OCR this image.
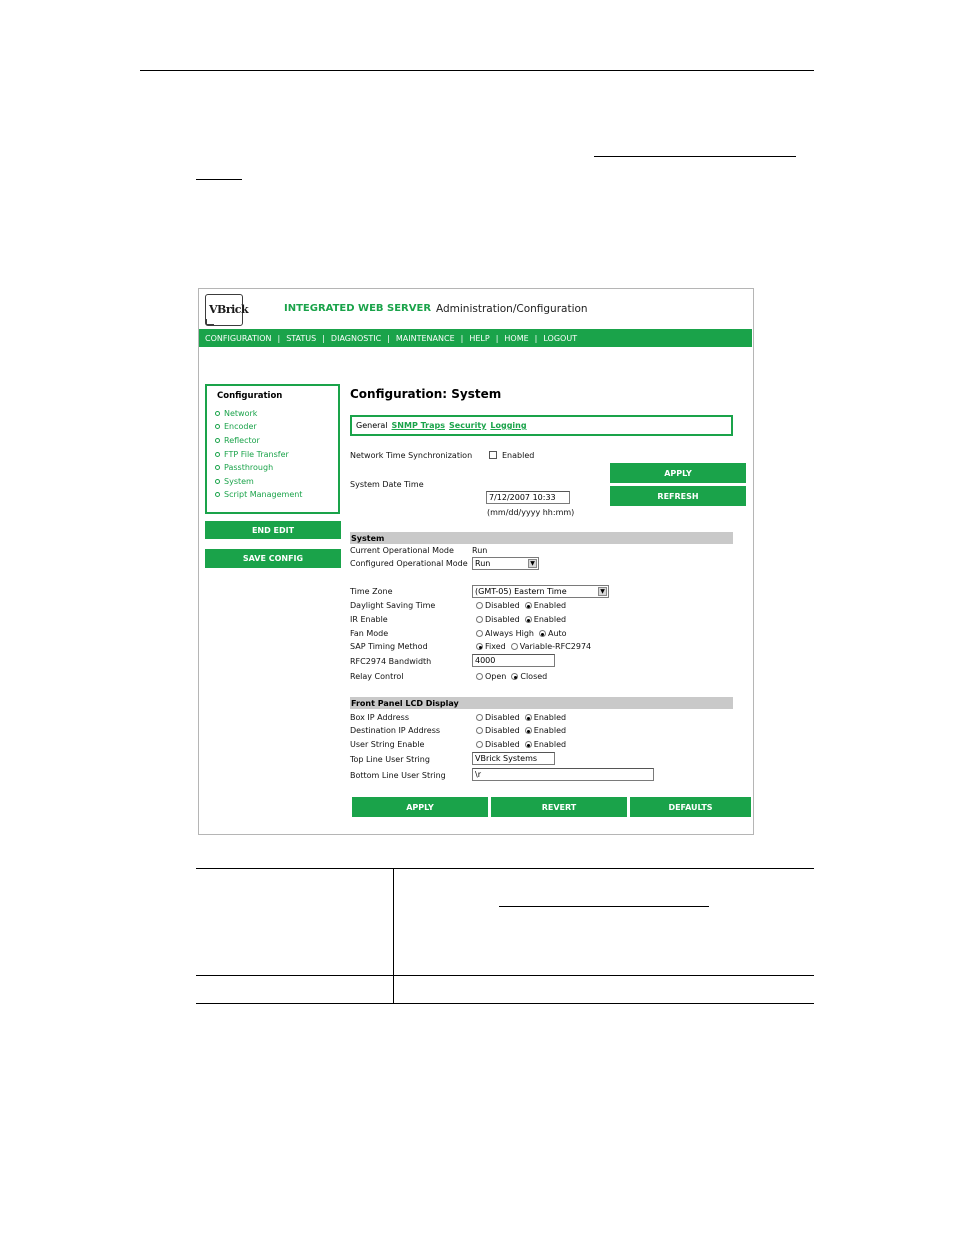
VBrick	INTEGRATED WEB SERVER Administration/Configuration
CONFIGURATION | STATUS | DIAGNOSTIC | MAINTENANCE | HELP | HOME | LOGOUT
Configuration
Network
Encoder
Reflector
FTP File Transfer
Passthrough
System
Script Management
END EDIT
SAVE CONFIG
Configuration: System
General SNMP Traps Security Logging
Network Time Synchronization	Enabled
APPLY
REFRESH
System Date Time
7/12/2007 10:33
(mm/dd/yyyy hh:mm)
System
Current Operational Mode Run
Configured Operational Mode Run	▼
Time Zone	(GMT-05) Eastern Time	▼
Daylight Saving Time	Disabled Enabled
IR Enable	Disabled Enabled
Fan Mode	Always High Auto
SAP Timing Method	Fixed Variable-RFC2974
RFC2974 Bandwidth	4000
Relay Control	Open Closed
Front Panel LCD Display
Box IP Address	Disabled Enabled
Destination IP Address	Disabled Enabled
User String Enable	Disabled Enabled
Top Line User String	VBrick Systems
Bottom Line User String	\r
APPLY	REVERT	DEFAULTS
